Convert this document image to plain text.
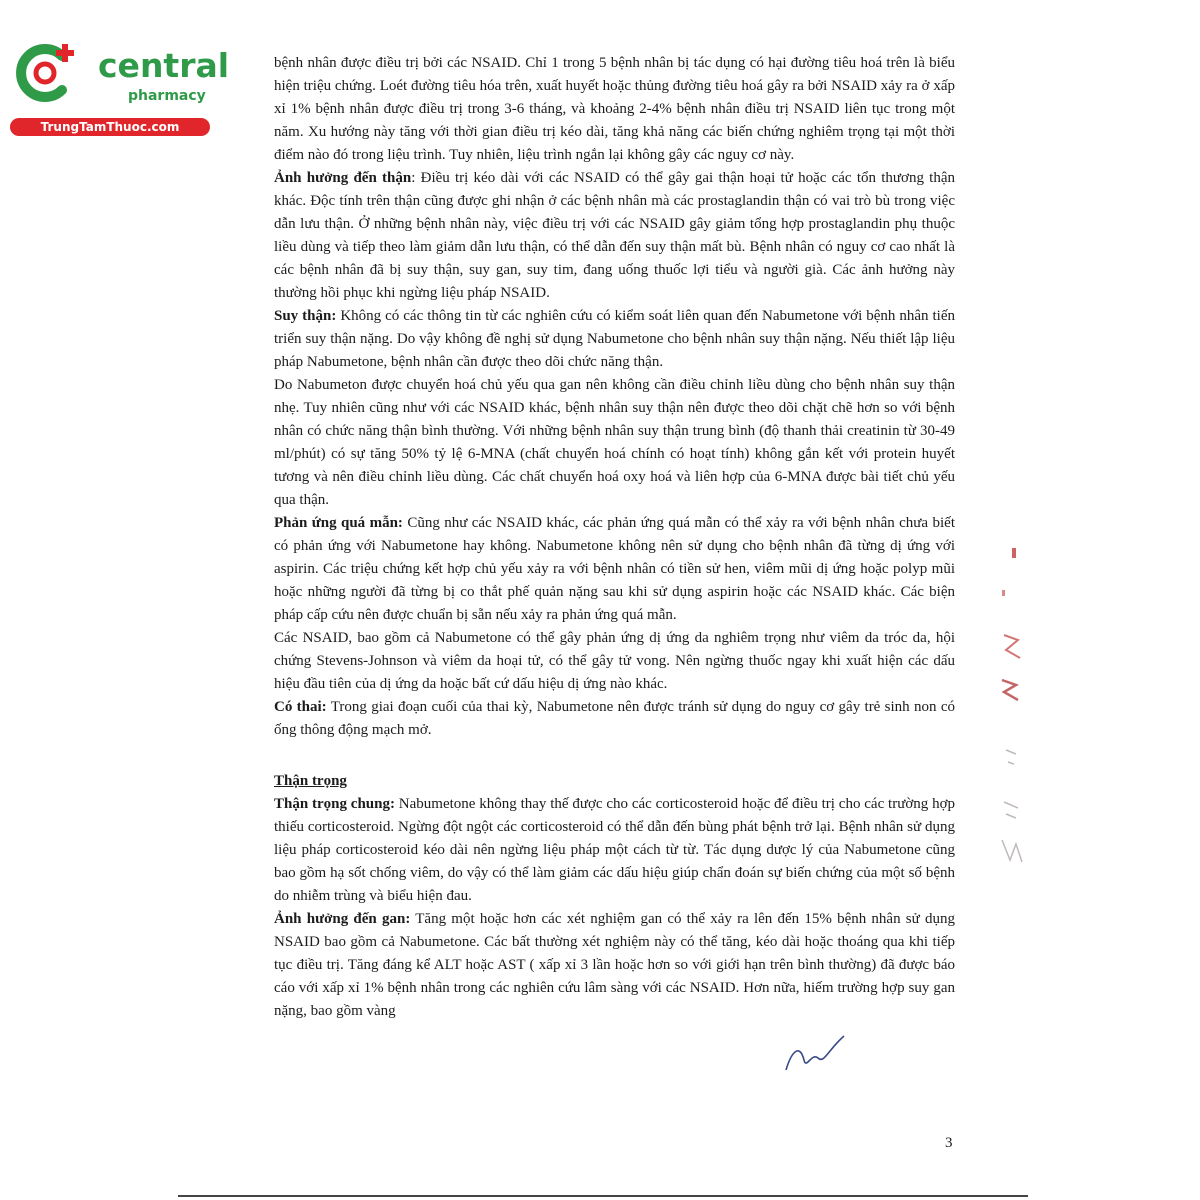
central
pharmacy
TrungTamThuoc.com

bệnh nhân được điều trị bởi các NSAID. Chỉ 1 trong 5 bệnh nhân bị tác dụng có hại đường tiêu hoá trên là biểu hiện triệu chứng. Loét đường tiêu hóa trên, xuất huyết hoặc thủng đường tiêu hoá gây ra bởi NSAID xảy ra ở xấp xỉ 1% bệnh nhân được điều trị trong 3-6 tháng, và khoảng 2-4% bệnh nhân điều trị NSAID liên tục trong một năm. Xu hướng này tăng với thời gian điều trị kéo dài, tăng khả năng các biến chứng nghiêm trọng tại một thời điểm nào đó trong liệu trình. Tuy nhiên, liệu trình ngắn lại không gây các nguy cơ này.

Ảnh hưởng đến thận: Điều trị kéo dài với các NSAID có thể gây gai thận hoại tử hoặc các tổn thương thận khác. Độc tính trên thận cũng được ghi nhận ở các bệnh nhân mà các prostaglandin thận có vai trò bù trong việc dẫn lưu thận. Ở những bệnh nhân này, việc điều trị với các NSAID gây giảm tổng hợp prostaglandin phụ thuộc liều dùng và tiếp theo làm giảm dẫn lưu thận, có thể dẫn đến suy thận mất bù. Bệnh nhân có nguy cơ cao nhất là các bệnh nhân đã bị suy thận, suy gan, suy tim, đang uống thuốc lợi tiểu và người già. Các ảnh hưởng này thường hồi phục khi ngừng liệu pháp NSAID.

Suy thận: Không có các thông tin từ các nghiên cứu có kiểm soát liên quan đến Nabumetone với bệnh nhân tiến triển suy thận nặng. Do vậy không đề nghị sử dụng Nabumetone cho bệnh nhân suy thận nặng. Nếu thiết lập liệu pháp Nabumetone, bệnh nhân cần được theo dõi chức năng thận.

Do Nabumeton được chuyển hoá chủ yếu qua gan nên không cần điều chỉnh liều dùng cho bệnh nhân suy thận nhẹ. Tuy nhiên cũng như với các NSAID khác, bệnh nhân suy thận nên được theo dõi chặt chẽ hơn so với bệnh nhân có chức năng thận bình thường. Với những bệnh nhân suy thận trung bình (độ thanh thải creatinin từ 30-49 ml/phút) có sự tăng 50% tỷ lệ 6-MNA (chất chuyển hoá chính có hoạt tính) không gắn kết với protein huyết tương và nên điều chỉnh liều dùng. Các chất chuyển hoá oxy hoá và liên hợp của 6-MNA được bài tiết chủ yếu qua thận.

Phản ứng quá mẫn: Cũng như các NSAID khác, các phản ứng quá mẫn có thể xảy ra với bệnh nhân chưa biết có phản ứng với Nabumetone hay không. Nabumetone không nên sử dụng cho bệnh nhân đã từng dị ứng với aspirin. Các triệu chứng kết hợp chủ yếu xảy ra với bệnh nhân có tiền sử hen, viêm mũi dị ứng hoặc polyp mũi hoặc những người đã từng bị co thắt phế quản nặng sau khi sử dụng aspirin hoặc các NSAID khác. Các biện pháp cấp cứu nên được chuẩn bị sẵn nếu xảy ra phản ứng quá mẫn.

Các NSAID, bao gồm cả Nabumetone có thể gây phản ứng dị ứng da nghiêm trọng như viêm da tróc da, hội chứng Stevens-Johnson và viêm da hoại tử, có thể gây tử vong. Nên ngừng thuốc ngay khi xuất hiện các dấu hiệu đầu tiên của dị ứng da hoặc bất cứ dấu hiệu dị ứng nào khác.

Có thai: Trong giai đoạn cuối của thai kỳ, Nabumetone nên được tránh sử dụng do nguy cơ gây trẻ sinh non có ống thông động mạch mở.

Thận trọng

Thận trọng chung: Nabumetone không thay thế được cho các corticosteroid hoặc để điều trị cho các trường hợp thiếu corticosteroid. Ngừng đột ngột các corticosteroid có thể dẫn đến bùng phát bệnh trở lại. Bệnh nhân sử dụng liệu pháp corticosteroid kéo dài nên ngừng liệu pháp một cách từ từ. Tác dụng dược lý của Nabumetone cũng bao gồm hạ sốt chống viêm, do vậy có thể làm giảm các dấu hiệu giúp chẩn đoán sự biến chứng của một số bệnh do nhiễm trùng và biểu hiện đau.

Ảnh hưởng đến gan: Tăng một hoặc hơn các xét nghiệm gan có thể xảy ra lên đến 15% bệnh nhân sử dụng NSAID bao gồm cả Nabumetone. Các bất thường xét nghiệm này có thể tăng, kéo dài hoặc thoáng qua khi tiếp tục điều trị. Tăng đáng kể ALT hoặc AST ( xấp xỉ 3 lần hoặc hơn so với giới hạn trên bình thường) đã được báo cáo với xấp xỉ 1% bệnh nhân trong các nghiên cứu lâm sàng với các NSAID. Hơn nữa, hiếm trường hợp suy gan nặng, bao gồm vàng

3
